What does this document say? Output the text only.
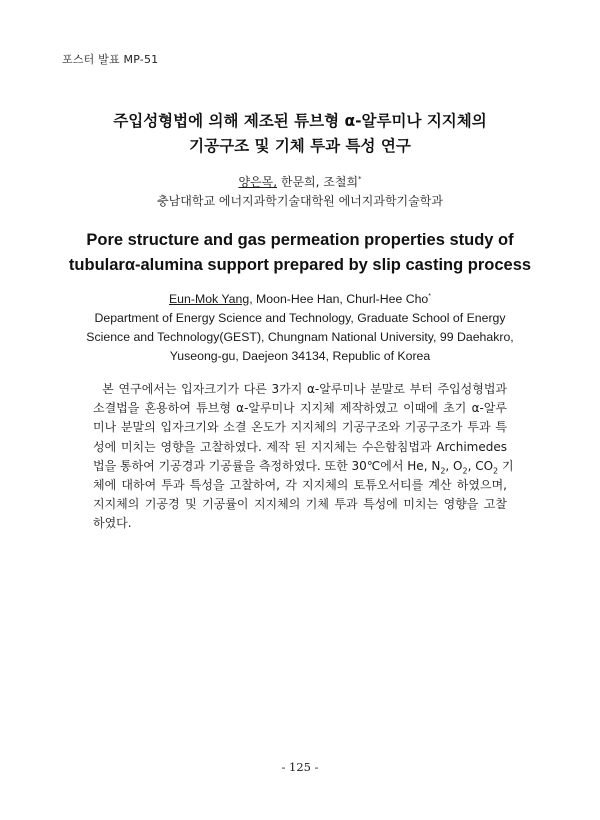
포스터 발표 MP-51
주입성형법에 의해 제조된 튜브형 α-알루미나 지지체의
기공구조 및 기체 투과 특성 연구
양은목, 한문희, 조철희*
충남대학교 에너지과학기술대학원 에너지과학기술학과
Pore structure and gas permeation properties study of
tubularα-alumina support prepared by slip casting process
Eun-Mok Yang, Moon-Hee Han, Churl-Hee Cho*
Department of Energy Science and Technology, Graduate School of Energy
Science and Technology(GEST), Chungnam National University, 99 Daehakro,
Yuseong-gu, Daejeon 34134, Republic of Korea
본 연구에서는 입자크기가 다른 3가지 α-알루미나 분말로 부터 주입성형법과
소결법을 혼용하여 튜브형 α-알루미나 지지체 제작하였고 이때에 초기 α-알루
미나 분말의 입자크기와 소결 온도가 지지체의 기공구조와 기공구조가 투과 특
성에 미치는 영향을 고찰하였다. 제작 된 지지체는 수은함침법과 Archimedes
법을 통하여 기공경과 기공률을 측정하였다. 또한 30℃에서 He, $N_2$, $O_2$, $CO_2$ 기
체에 대하여 투과 특성을 고찰하여, 각 지지체의 토튜오서티를 계산 하였으며,
지지체의 기공경 및 기공률이 지지체의 기체 투과 특성에 미치는 영향을 고찰
하였다.
- 125 -
